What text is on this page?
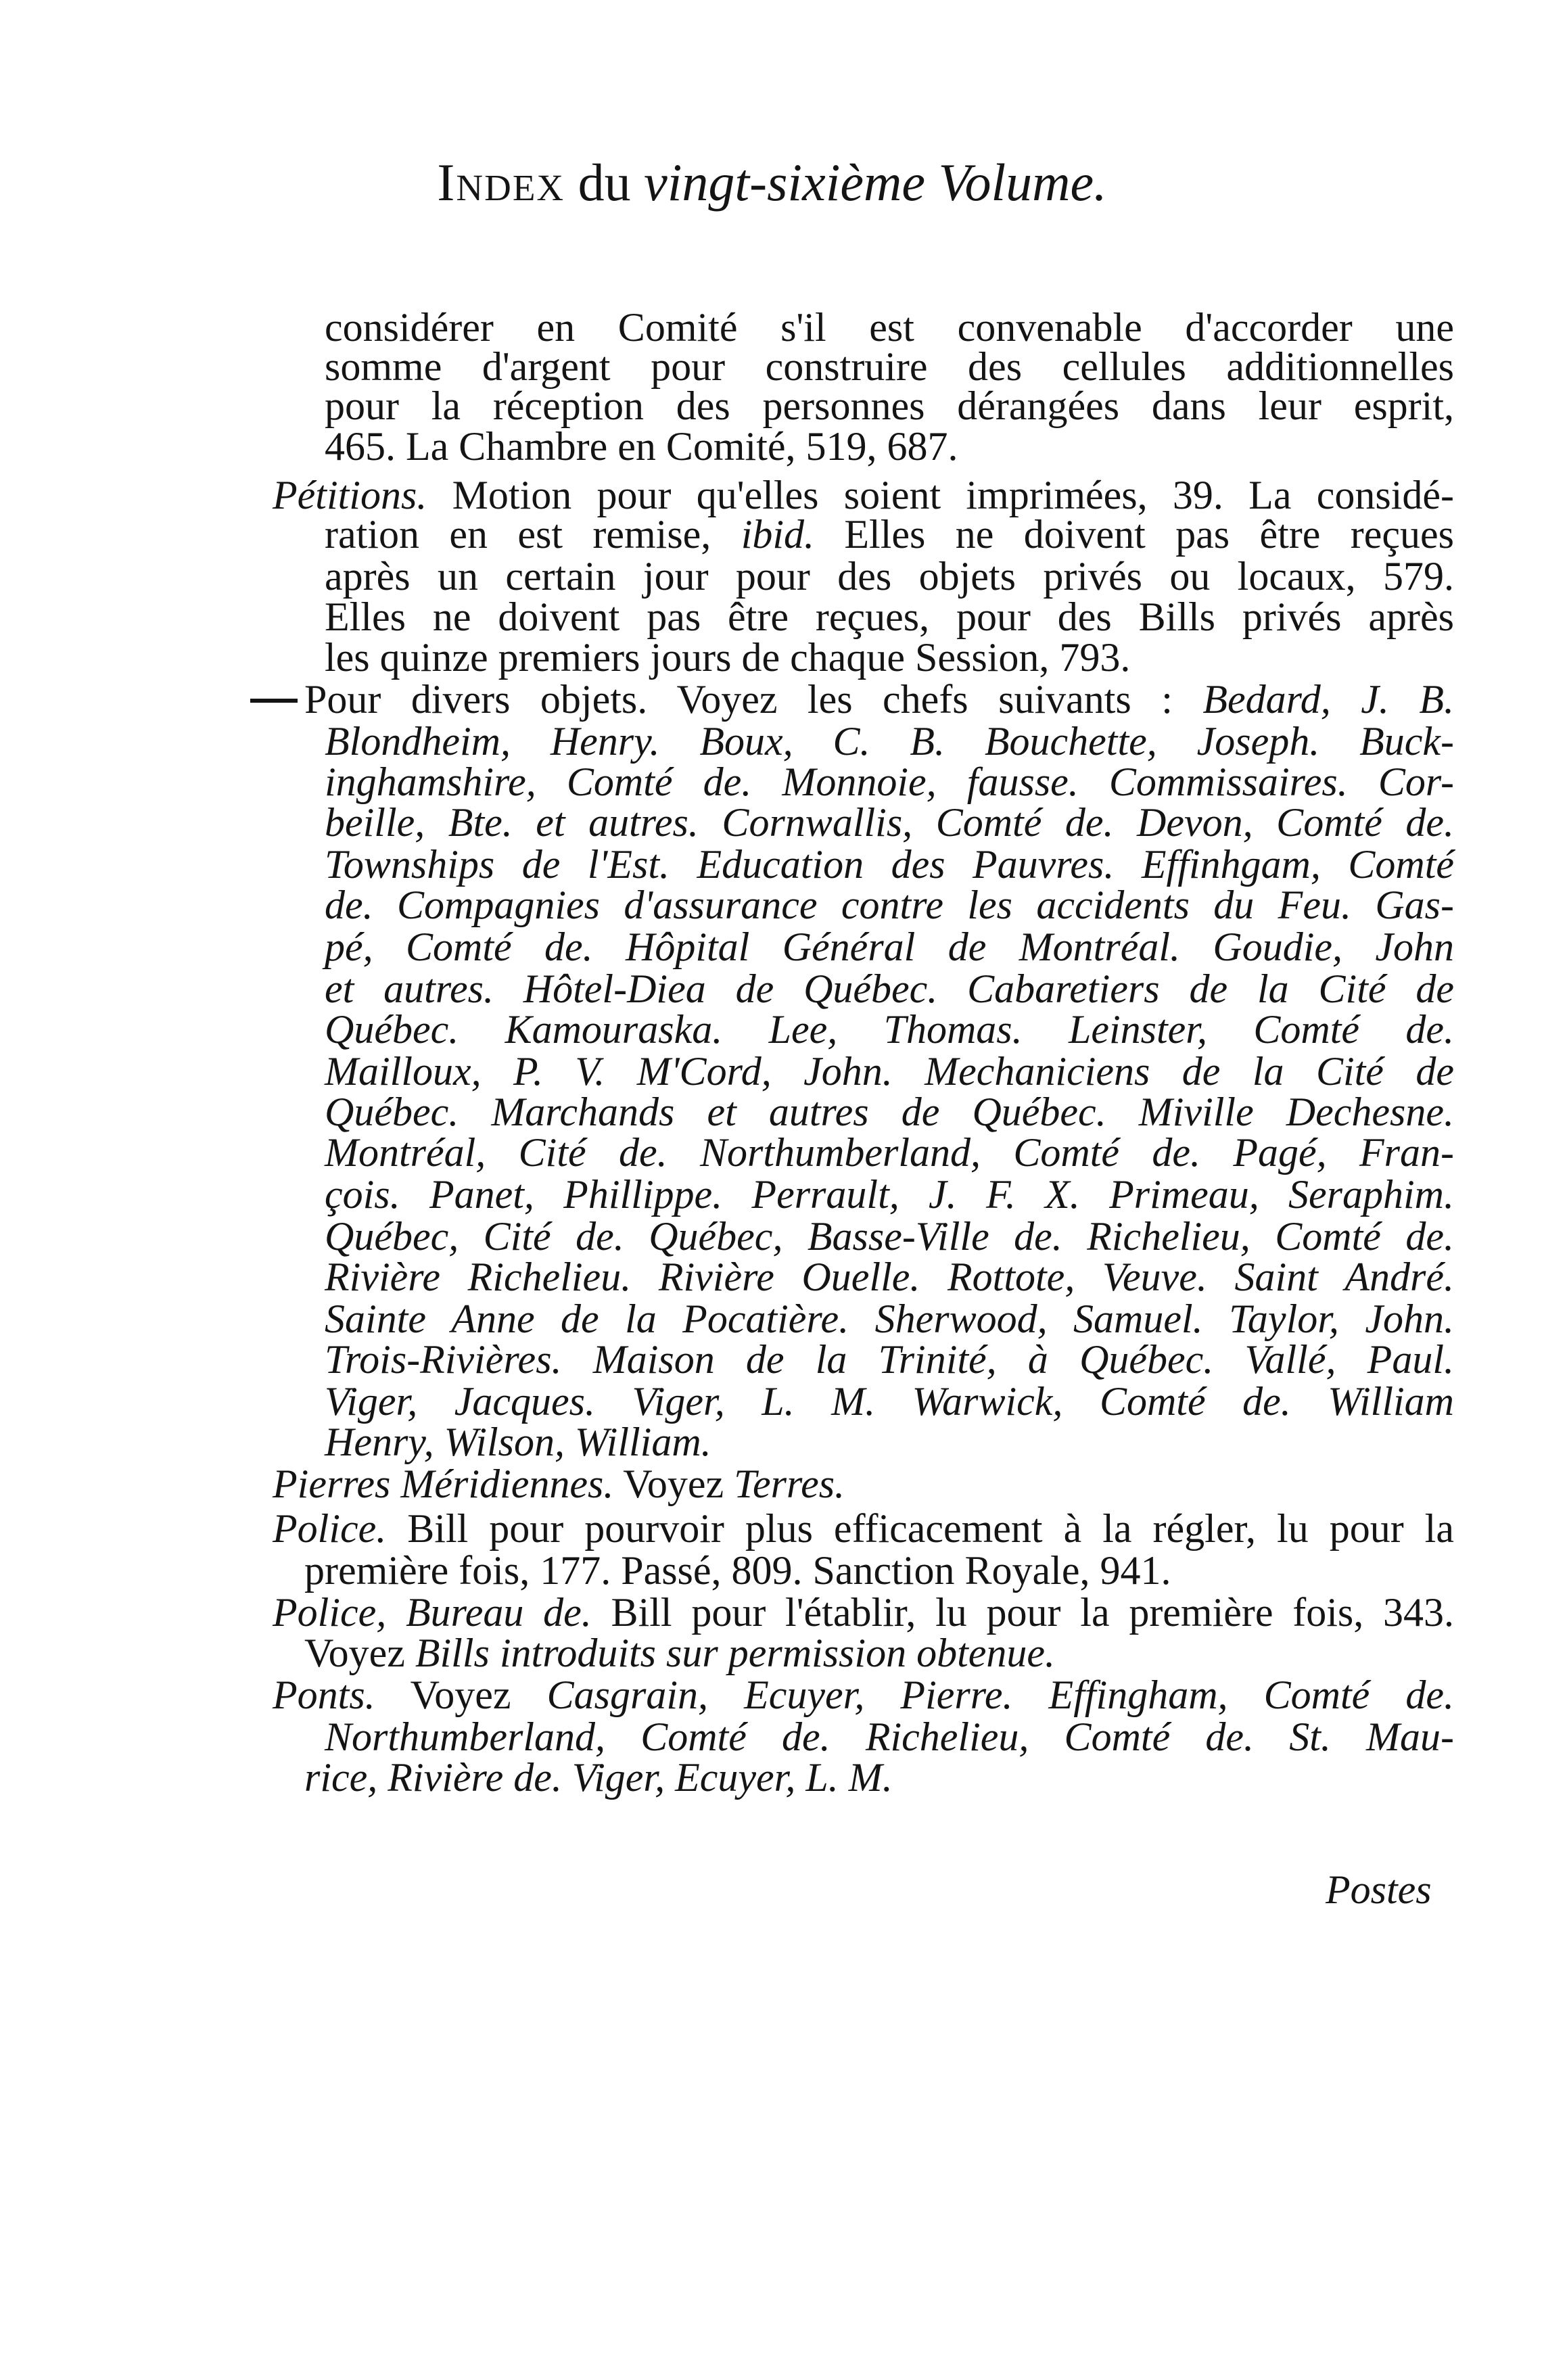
Index du vingt-sixième Volume.
considérer en Comité s'il est convenable d'accorder une
somme d'argent pour construire des cellules additionnelles
pour la réception des personnes dérangées dans leur esprit,
465. La Chambre en Comité, 519, 687.
Pétitions. Motion pour qu'elles soient imprimées, 39. La considé-
ration en est remise, ibid. Elles ne doivent pas être reçues
après un certain jour pour des objets privés ou locaux, 579.
Elles ne doivent pas être reçues, pour des Bills privés après
les quinze premiers jours de chaque Session, 793.
Pour divers objets. Voyez les chefs suivants : Bedard, J. B.
Blondheim, Henry. Boux, C. B. Bouchette, Joseph. Buck-
inghamshire, Comté de. Monnoie, fausse. Commissaires. Cor-
beille, Bte. et autres. Cornwallis, Comté de. Devon, Comté de.
Townships de l'Est. Education des Pauvres. Effinhgam, Comté
de. Compagnies d'assurance contre les accidents du Feu. Gas-
pé, Comté de. Hôpital Général de Montréal. Goudie, John
et autres. Hôtel-Diea de Québec. Cabaretiers de la Cité de
Québec. Kamouraska. Lee, Thomas. Leinster, Comté de.
Mailloux, P. V. M'Cord, John. Mechaniciens de la Cité de
Québec. Marchands et autres de Québec. Miville Dechesne.
Montréal, Cité de. Northumberland, Comté de. Pagé, Fran-
çois. Panet, Phillippe. Perrault, J. F. X. Primeau, Seraphim.
Québec, Cité de. Québec, Basse-Ville de. Richelieu, Comté de.
Rivière Richelieu. Rivière Ouelle. Rottote, Veuve. Saint André.
Sainte Anne de la Pocatière. Sherwood, Samuel. Taylor, John.
Trois-Rivières. Maison de la Trinité, à Québec. Vallé, Paul.
Viger, Jacques. Viger, L. M. Warwick, Comté de. William
Henry, Wilson, William.
Pierres Méridiennes. Voyez Terres.
Police. Bill pour pourvoir plus efficacement à la régler, lu pour la
première fois, 177. Passé, 809. Sanction Royale, 941.
Police, Bureau de. Bill pour l'établir, lu pour la première fois, 343.
Voyez Bills introduits sur permission obtenue.
Ponts. Voyez Casgrain, Ecuyer, Pierre. Effingham, Comté de.
Northumberland, Comté de. Richelieu, Comté de. St. Mau-
rice, Rivière de. Viger, Ecuyer, L. M.
Postes
